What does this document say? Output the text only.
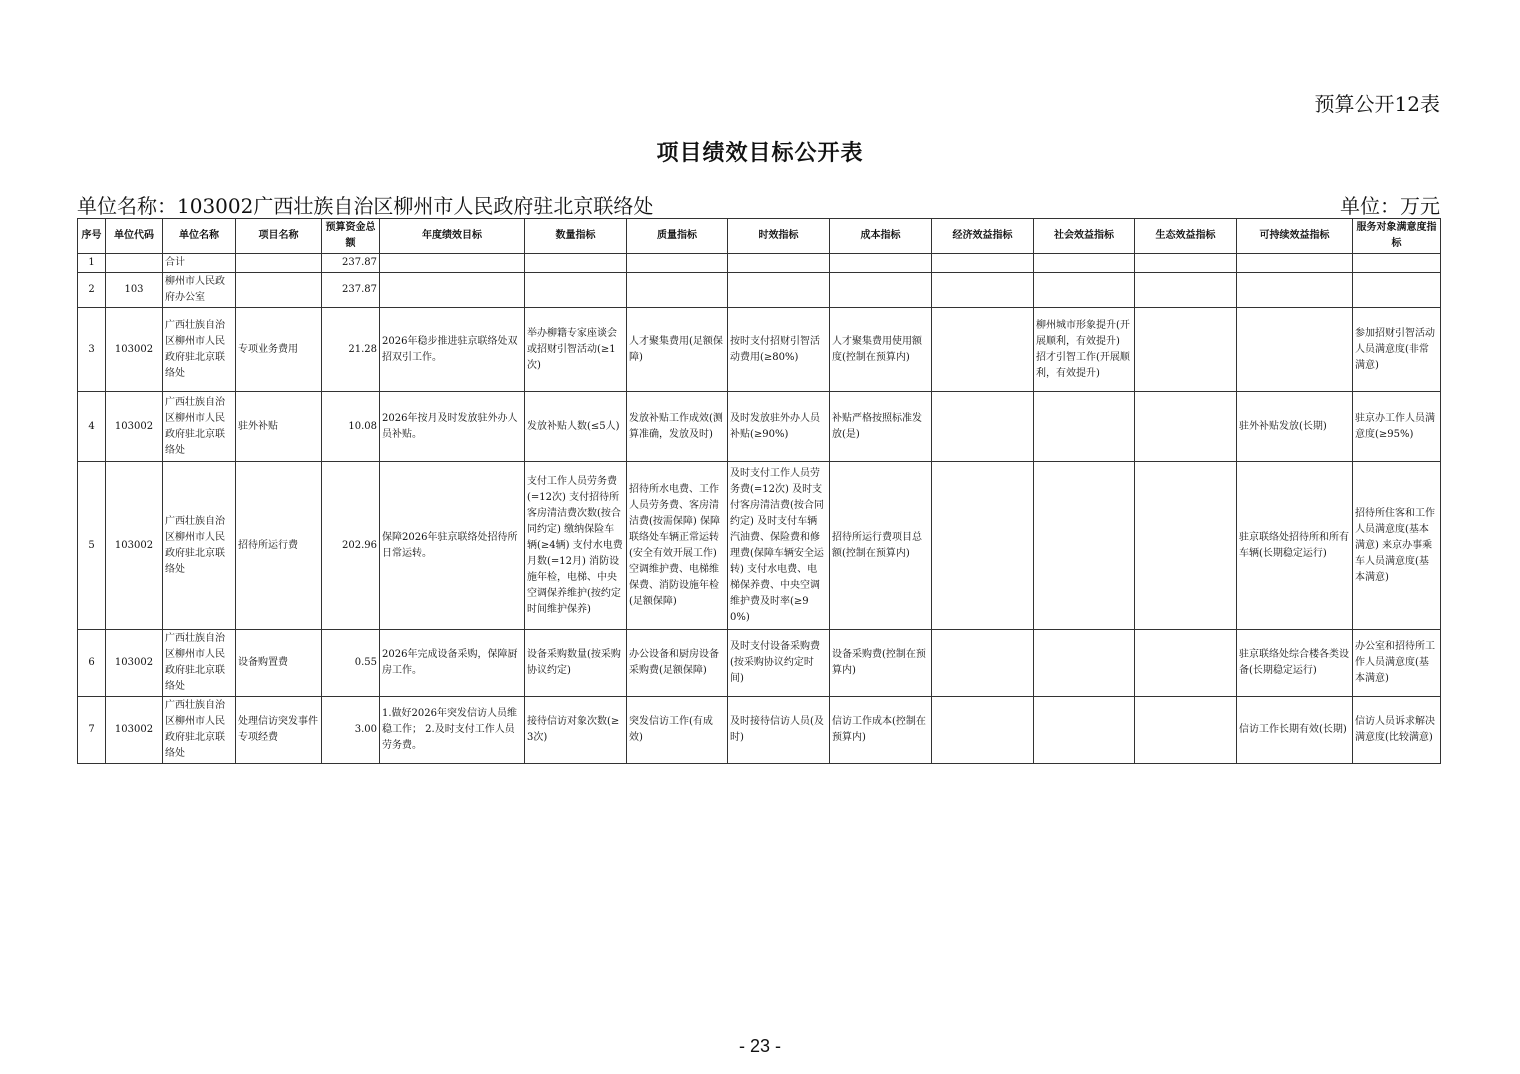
预算公开12表
项目绩效目标公开表
单位名称：103002广西壮族自治区柳州市人民政府驻北京联络处	单位：万元
序号	单位代码	单位名称	项目名称	预算资金总额	年度绩效目标	数量指标	质量指标	时效指标	成本指标	经济效益指标	社会效益指标	生态效益指标	可持续效益指标	服务对象满意度指标
1		合计		237.87										
2	103	柳州市人民政府办公室		237.87										
3	103002	广西壮族自治区柳州市人民政府驻北京联络处	专项业务费用	21.28	2026年稳步推进驻京联络处双招双引工作。	举办柳籍专家座谈会或招财引智活动(≥1次)	人才聚集费用(足额保障)	按时支付招财引智活动费用(≥80%)	人才聚集费用使用额度(控制在预算内)		柳州城市形象提升(开展顺利，有效提升) 招才引智工作(开展顺利，有效提升)			参加招财引智活动人员满意度(非常满意)
4	103002	广西壮族自治区柳州市人民政府驻北京联络处	驻外补贴	10.08	2026年按月及时发放驻外办人员补贴。	发放补贴人数(≤5人)	发放补贴工作成效(测算准确，发放及时)	及时发放驻外办人员补贴(≥90%)	补贴严格按照标准发放(是)				驻外补贴发放(长期)	驻京办工作人员满意度(≥95%)
5	103002	广西壮族自治区柳州市人民政府驻北京联络处	招待所运行费	202.96	保障2026年驻京联络处招待所日常运转。	支付工作人员劳务费(=12次) 支付招待所客房清洁费次数(按合同约定) 缴纳保险车辆(≥4辆) 支付水电费月数(=12月) 消防设施年检，电梯、中央空调保养维护(按约定时间维护保养)	招待所水电费、工作人员劳务费、客房清洁费(按需保障) 保障联络处车辆正常运转(安全有效开展工作) 空调维护费、电梯维保费、消防设施年检(足额保障)	及时支付工作人员劳务费(=12次) 及时支付客房清洁费(按合同约定) 及时支付车辆汽油费、保险费和修理费(保障车辆安全运转) 支付水电费、电梯保养费、中央空调维护费及时率(≥90%)	招待所运行费项目总额(控制在预算内)				驻京联络处招待所和所有车辆(长期稳定运行)	招待所住客和工作人员满意度(基本满意) 来京办事乘车人员满意度(基本满意)
6	103002	广西壮族自治区柳州市人民政府驻北京联络处	设备购置费	0.55	2026年完成设备采购，保障厨房工作。	设备采购数量(按采购协议约定)	办公设备和厨房设备采购费(足额保障)	及时支付设备采购费(按采购协议约定时间)	设备采购费(控制在预算内)				驻京联络处综合楼各类设备(长期稳定运行)	办公室和招待所工作人员满意度(基本满意)
7	103002	广西壮族自治区柳州市人民政府驻北京联络处	处理信访突发事件专项经费	3.00	1.做好2026年突发信访人员维稳工作； 2.及时支付工作人员劳务费。	接待信访对象次数(≥3次)	突发信访工作(有成效)	及时接待信访人员(及时)	信访工作成本(控制在预算内)				信访工作长期有效(长期)	信访人员诉求解决满意度(比较满意)
- 23 -
